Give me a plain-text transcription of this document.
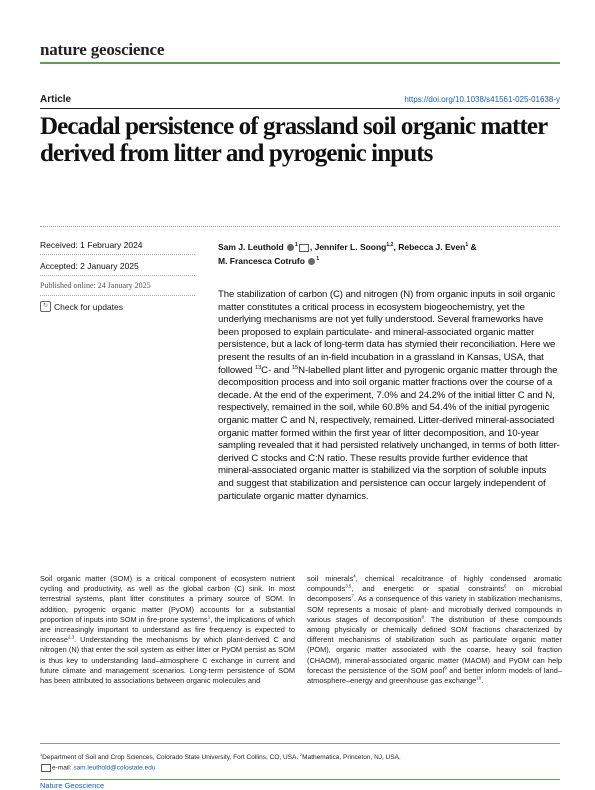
nature geoscience
Article	https://doi.org/10.1038/s41561-025-01638-y
Decadal persistence of grassland soil organic matter derived from litter and pyrogenic inputs
Received: 1 February 2024
Accepted: 2 January 2025
Published online: 24 January 2025
↻ Check for updates
Sam J. Leuthold $^1$ , Jennifer L. Soong$^{1,2}$, Rebecca J. Even$^1$ &
M. Francesca Cotrufo $^1$

The stabilization of carbon (C) and nitrogen (N) from organic inputs in soil organic matter constitutes a critical process in ecosystem biogeochemistry, yet the underlying mechanisms are not yet fully understood. Several frameworks have been proposed to explain particulate- and mineral-associated organic matter persistence, but a lack of long-term data has stymied their reconciliation. Here we present the results of an in-field incubation in a grassland in Kansas, USA, that followed $^{13}$C- and $^{15}$N-labelled plant litter and pyrogenic organic matter through the decomposition process and into soil organic matter fractions over the course of a decade. At the end of the experiment, 7.0% and 24.2% of the initial litter C and N, respectively, remained in the soil, while 60.8% and 54.4% of the initial pyrogenic organic matter C and N, respectively, remained. Litter-derived mineral-associated organic matter formed within the first year of litter decomposition, and 10-year sampling revealed that it had persisted relatively unchanged, in terms of both litter-derived C stocks and C:N ratio. These results provide further evidence that mineral-associated organic matter is stabilized via the sorption of soluble inputs and suggest that stabilization and persistence can occur largely independent of particulate organic matter dynamics.

Soil organic matter (SOM) is a critical component of ecosystem nutrient cycling and productivity, as well as the global carbon (C) sink. In most terrestrial systems, plant litter constitutes a primary source of SOM. In addition, pyrogenic organic matter (PyOM) accounts for a substantial proportion of inputs into SOM in fire-prone systems$^1$, the implications of which are increasingly important to understand as fire frequency is expected to increase$^{2,3}$. Understanding the mechanisms by which plant-derived C and nitrogen (N) that enter the soil system as either litter or PyOM persist as SOM is thus key to understanding land–atmosphere C exchange in current and future climate and management scenarios. Long-term persistence of SOM has been attributed to associations between organic molecules and

soil minerals$^4$, chemical recalcitrance of highly condensed aromatic compounds$^{3,5}$, and energetic or spatial constraints$^6$ on microbial decomposers$^7$. As a consequence of this variety in stabilization mechanisms, SOM represents a mosaic of plant- and microbially derived compounds in various stages of decomposition$^8$. The distribution of these compounds among physically or chemically defined SOM fractions characterized by different mechanisms of stabilization such as particulate organic matter (POM), organic matter associated with the coarse, heavy soil fraction (CHAOM), mineral-associated organic matter (MAOM) and PyOM can help forecast the persistence of the SOM pool$^9$ and better inform models of land–atmosphere–energy and greenhouse gas exchange$^{10}$.

$^1$Department of Soil and Crop Sciences, Colorado State University, Fort Collins, CO, USA. $^2$Mathematica, Princeton, NJ, USA.
e-mail: sam.leuthold@colostate.edu
Nature Geoscience
